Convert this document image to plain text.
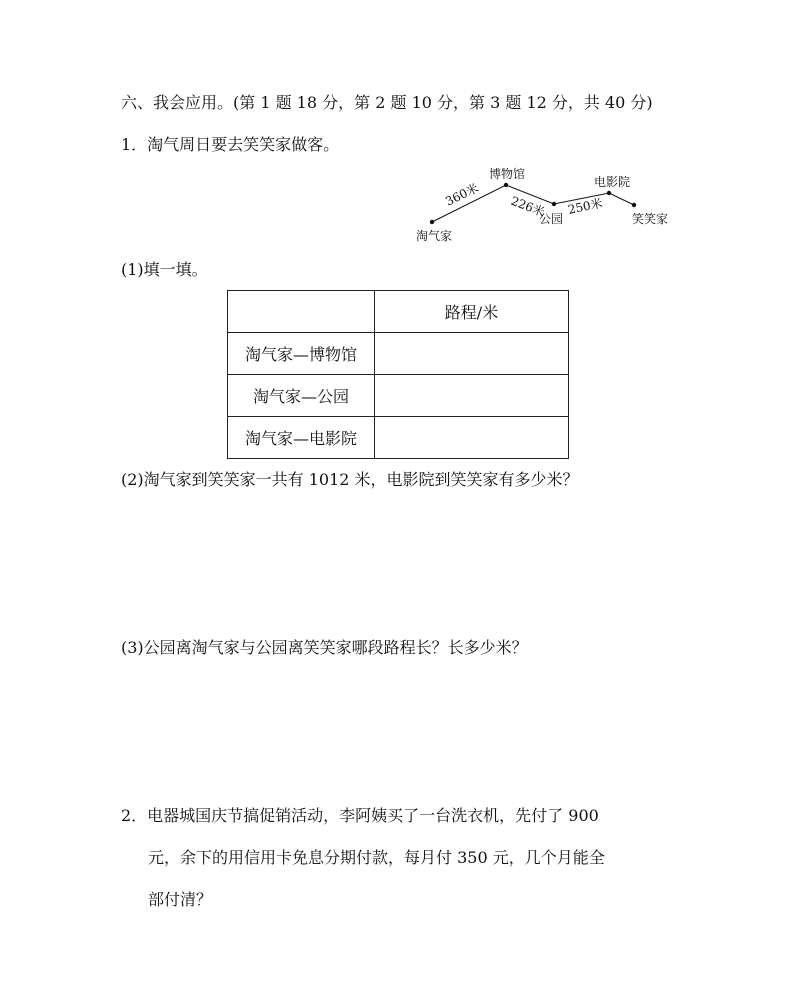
六、我会应用。(第 1 题 18 分，第 2 题 10 分，第 3 题 12 分，共 40 分)
1．淘气周日要去笑笑家做客。
淘气家
博物馆
公园
电影院
笑笑家
360米 226米 250米
(1)填一填。
	路程/米
淘气家—博物馆	
淘气家—公园	
淘气家—电影院	
(2)淘气家到笑笑家一共有 1012 米，电影院到笑笑家有多少米？
(3)公园离淘气家与公园离笑笑家哪段路程长？长多少米？
2．电器城国庆节搞促销活动，李阿姨买了一台洗衣机，先付了 900
元，余下的用信用卡免息分期付款，每月付 350 元，几个月能全
部付清？
